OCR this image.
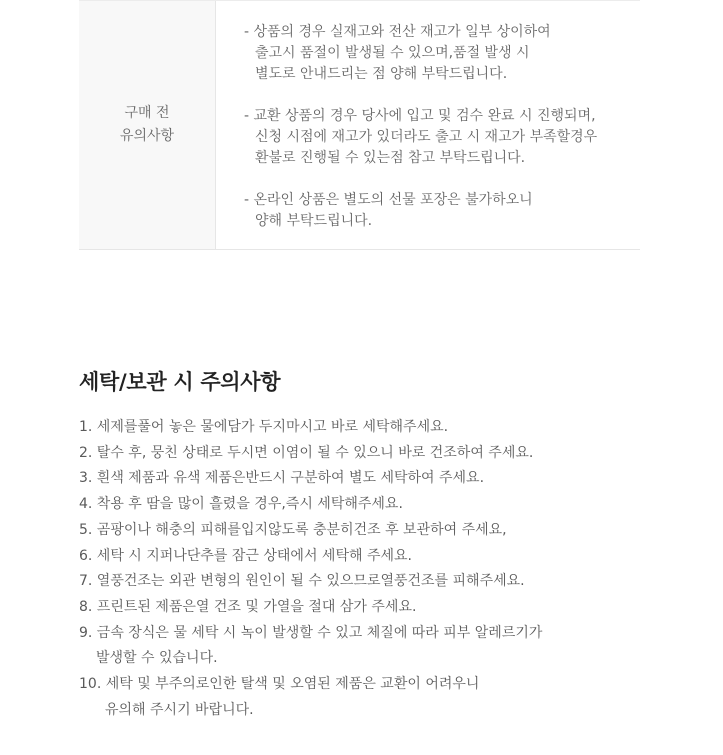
구매 전
유의사항
- 상품의 경우 실재고와 전산 재고가 일부 상이하여
출고시 품절이 발생될 수 있으며,품절 발생 시
별도로 안내드리는 점 양해 부탁드립니다.
- 교환 상품의 경우 당사에 입고 및 검수 완료 시 진행되며,
신청 시점에 재고가 있더라도 출고 시 재고가 부족할경우
환불로 진행될 수 있는점 참고 부탁드립니다.
- 온라인 상품은 별도의 선물 포장은 불가하오니
양해 부탁드립니다.
세탁/보관 시 주의사항
1. 세제를풀어 놓은 물에담가 두지마시고 바로 세탁해주세요.
2. 탈수 후, 뭉친 상태로 두시면 이염이 될 수 있으니 바로 건조하여 주세요.
3. 흰색 제품과 유색 제품은반드시 구분하여 별도 세탁하여 주세요.
4. 착용 후 땀을 많이 흘렸을 경우,즉시 세탁해주세요.
5. 곰팡이나 해충의 피해를입지않도록 충분히건조 후 보관하여 주세요,
6. 세탁 시 지퍼나단추를 잠근 상태에서 세탁해 주세요.
7. 열풍건조는 외관 변형의 원인이 될 수 있으므로열풍건조를 피해주세요.
8. 프린트된 제품은열 건조 및 가열을 절대 삼가 주세요.
9. 금속 장식은 물 세탁 시 녹이 발생할 수 있고 체질에 따라 피부 알레르기가
발생할 수 있습니다.
10. 세탁 및 부주의로인한 탈색 및 오염된 제품은 교환이 어려우니
유의해 주시기 바랍니다.
